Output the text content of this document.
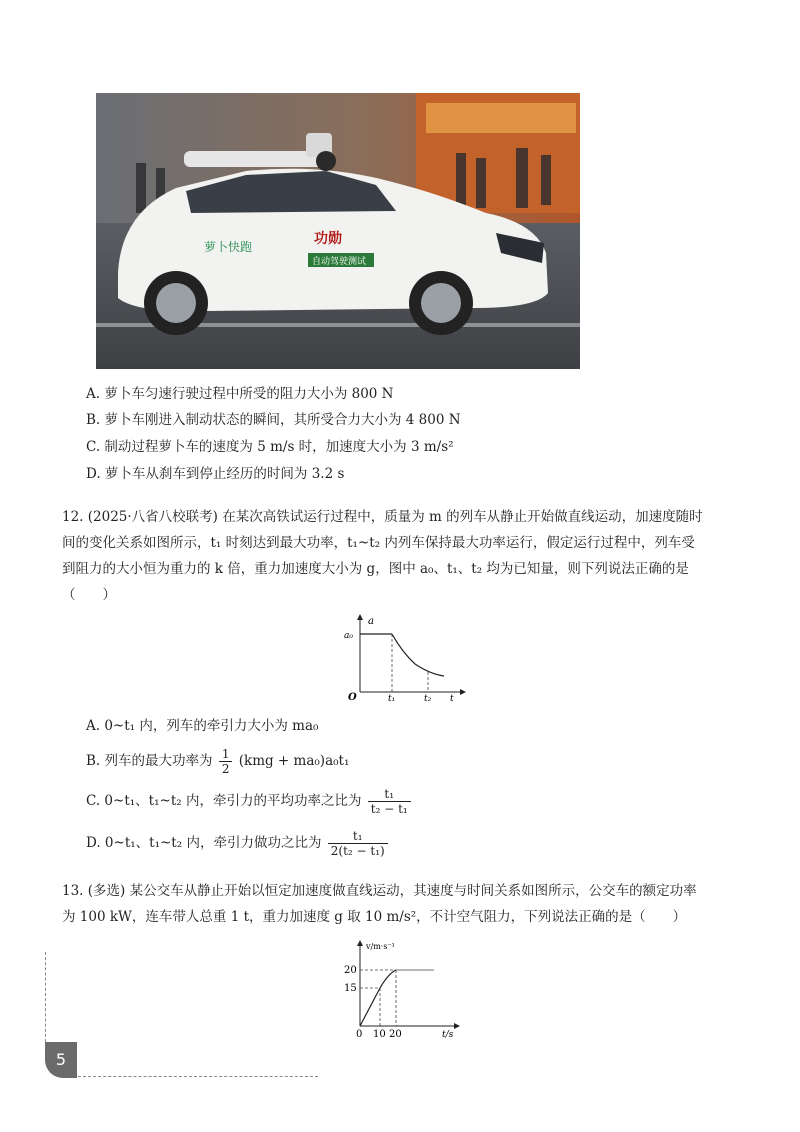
萝卜快跑	功勋
自动驾驶测试
A. 萝卜车匀速行驶过程中所受的阻力大小为 800 N
B. 萝卜车刚进入制动状态的瞬间，其所受合力大小为 4 800 N
C. 制动过程萝卜车的速度为 5 m/s 时，加速度大小为 3 m/s²
D. 萝卜车从刹车到停止经历的时间为 3.2 s

12. (2025·八省八校联考) 在某次高铁试运行过程中，质量为 m 的列车从静止开始做直线运动，加速度随时

间的变化关系如图所示，t₁ 时刻达到最大功率，t₁~t₂ 内列车保持最大功率运行，假定运行过程中，列车受

到阻力的大小恒为重力的 k 倍，重力加速度大小为 g，图中 a₀、t₁、t₂ 均为已知量，则下列说法正确的是

（　　）

a
a₀
O	t₁	t₂ t
A. 0~t₁ 内，列车的牵引力大小为 ma₀
B. 列车的最大功率为 $\frac{1}{2} (kmg + ma_0)a_0t_1$
C. 0~t₁、t₁~t₂ 内，牵引力的平均功率之比为 $\frac{\text{t₁}}{\text{t₂ − t₁}}$
D. 0~t₁、t₁~t₂ 内，牵引力做功之比为 $\frac{\text{t₁}}{\text{2(t₂ − t₁)}}$

13. (多选) 某公交车从静止开始以恒定加速度做直线运动，其速度与时间关系如图所示，公交车的额定功率

为 100 kW，连车带人总重 1 t，重力加速度 g 取 10 m/s²，不计空气阻力，下列说法正确的是（　　）

v/m·s⁻¹
20
15
0 10 20	t/s
5
